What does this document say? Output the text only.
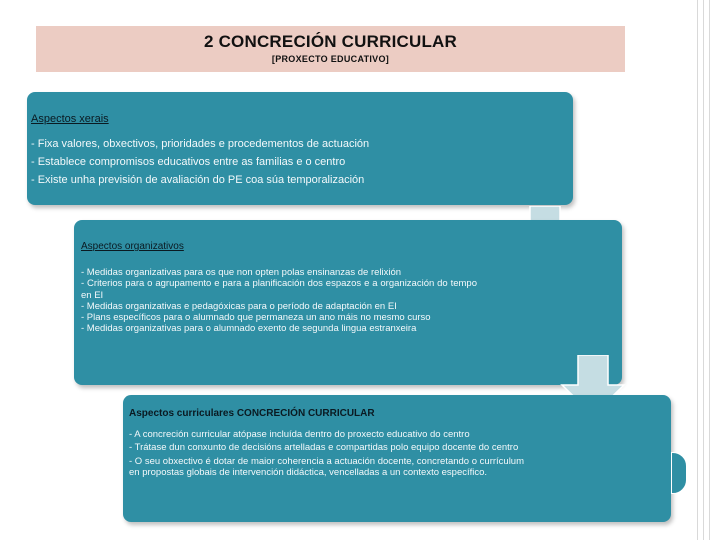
2 CONCRECIÓN CURRICULAR
[PROXECTO EDUCATIVO]
Aspectos xerais
- Fixa valores, obxectivos, prioridades e procedementos de actuación
- Establece compromisos educativos entre as familias e o centro
- Existe unha previsión de avaliación do PE coa súa temporalización
Aspectos organizativos
- Medidas organizativas para os que non opten polas ensinanzas de relixión
- Criterios para o agrupamento e para a planificación dos espazos e a organización do tempo en EI
- Medidas organizativas e pedagóxicas para o período de adaptación en EI
- Plans específicos para o alumnado que permaneza un ano máis no mesmo curso
- Medidas organizativas para o alumnado exento de segunda lingua estranxeira
Aspectos curriculares CONCRECIÓN CURRICULAR
- A concreción curricular atópase incluída dentro do proxecto educativo do centro
- Trátase dun conxunto de decisións artelladas e compartidas polo equipo docente do centro
- O seu obxectivo é dotar de maior coherencia a actuación docente, concretando o currículum en propostas globais de intervención didáctica, vencelladas a un contexto específico.
